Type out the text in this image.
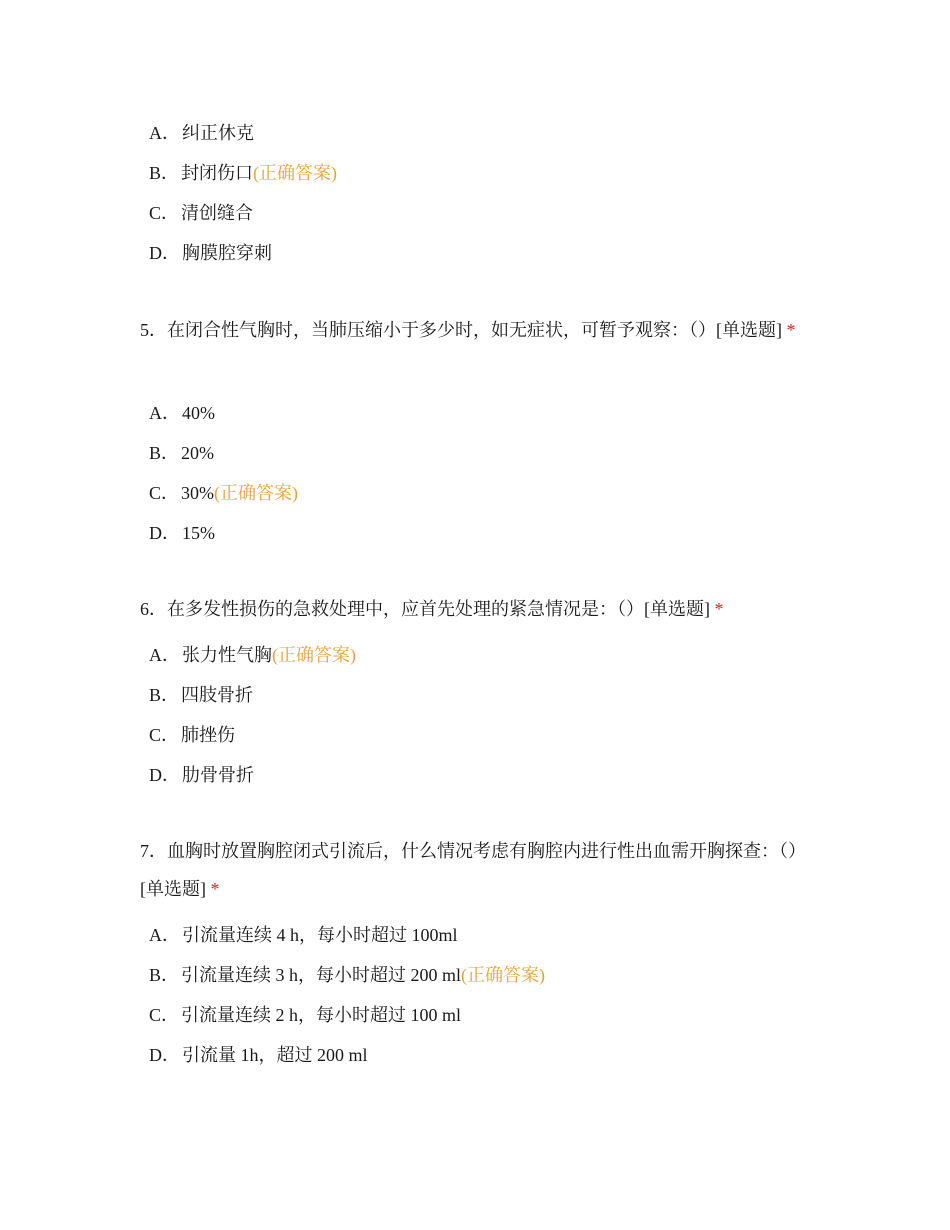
A． 纠正休克
B． 封闭伤口(正确答案)
C． 清创缝合
D． 胸膜腔穿刺
5．在闭合性气胸时，当肺压缩小于多少时，如无症状，可暂予观察：（）[单选题] *
A． 40%
B． 20%
C． 30%(正确答案)
D． 15%
6．在多发性损伤的急救处理中，应首先处理的紧急情况是：（）[单选题] *
A． 张力性气胸(正确答案)
B． 四肢骨折
C． 肺挫伤
D． 肋骨骨折
7．血胸时放置胸腔闭式引流后，什么情况考虑有胸腔内进行性出血需开胸探查：（）[单选题] *
A． 引流量连续 4 h，每小时超过 100ml
B． 引流量连续 3 h，每小时超过 200 ml(正确答案)
C． 引流量连续 2 h，每小时超过 100 ml
D． 引流量 1h，超过 200 ml
